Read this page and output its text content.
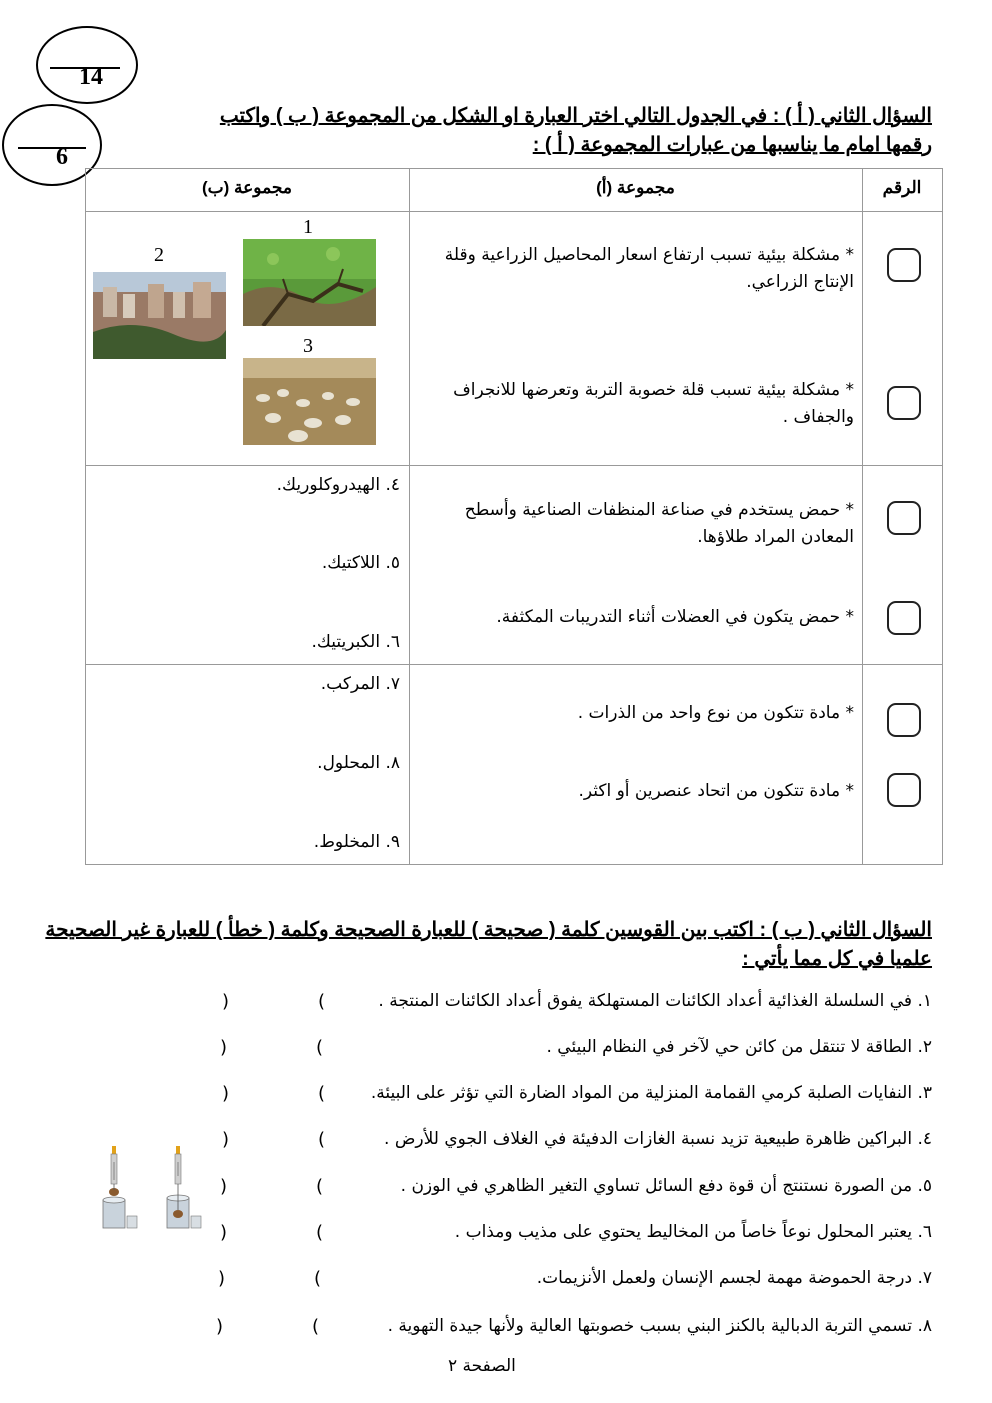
14
6
السؤال الثاني ( أ ) : في الجدول التالي اختر العبارة او الشكل من المجموعة ( ب ) واكتب
رقمها امام ما يناسبها من عبارات المجموعة ( أ ) :
الرقم
مجموعة (أ)
مجموعة (ب)
* مشكلة بيئية تسبب ارتفاع اسعار المحاصيل الزراعية وقلة الإنتاج الزراعي.
* مشكلة بيئية تسبب قلة خصوبة التربة وتعرضها للانجراف والجفاف .
* حمض يستخدم في صناعة المنظفات الصناعية وأسطح المعادن المراد طلاؤها.
* حمض يتكون في العضلات أثناء التدريبات المكثفة.
* مادة تتكون من نوع واحد من الذرات .
* مادة تتكون من اتحاد عنصرين أو اكثر.
1
2
3
٤. الهيدروكلوريك.
٥. اللاكتيك.
٦. الكبريتيك.
٧. المركب.
٨. المحلول.
٩. المخلوط.
السؤال الثاني ( ب ) : اكتب بين القوسين كلمة ( صحيحة ) للعبارة الصحيحة وكلمة ( خطأ ) للعبارة غير الصحيحة
علميا في كل مما يأتي :
١. في السلسلة الغذائية أعداد الكائنات المستهلكة يفوق أعداد الكائنات المنتجة .
٢. الطاقة لا تنتقل من كائن حي لآخر في النظام البيئي .
٣. النفايات الصلبة كرمي القمامة المنزلية من المواد الضارة التي تؤثر على البيئة.
٤. البراكين ظاهرة طبيعية تزيد نسبة الغازات الدفيئة في الغلاف الجوي للأرض .
٥. من الصورة نستنتج أن قوة دفع السائل تساوي التغير الظاهري في الوزن .
٦. يعتبر المحلول نوعاً خاصاً من المخاليط يحتوي على مذيب ومذاب .
٧. درجة الحموضة مهمة لجسم الإنسان ولعمل الأنزيمات.
٨. تسمي التربة الدبالية بالكنز البني بسبب خصوبتها العالية ولأنها جيدة التهوية .
(
)
(
)
(
)
(
)
(
)
(
)
(
)
(
)
الصفحة ٢
